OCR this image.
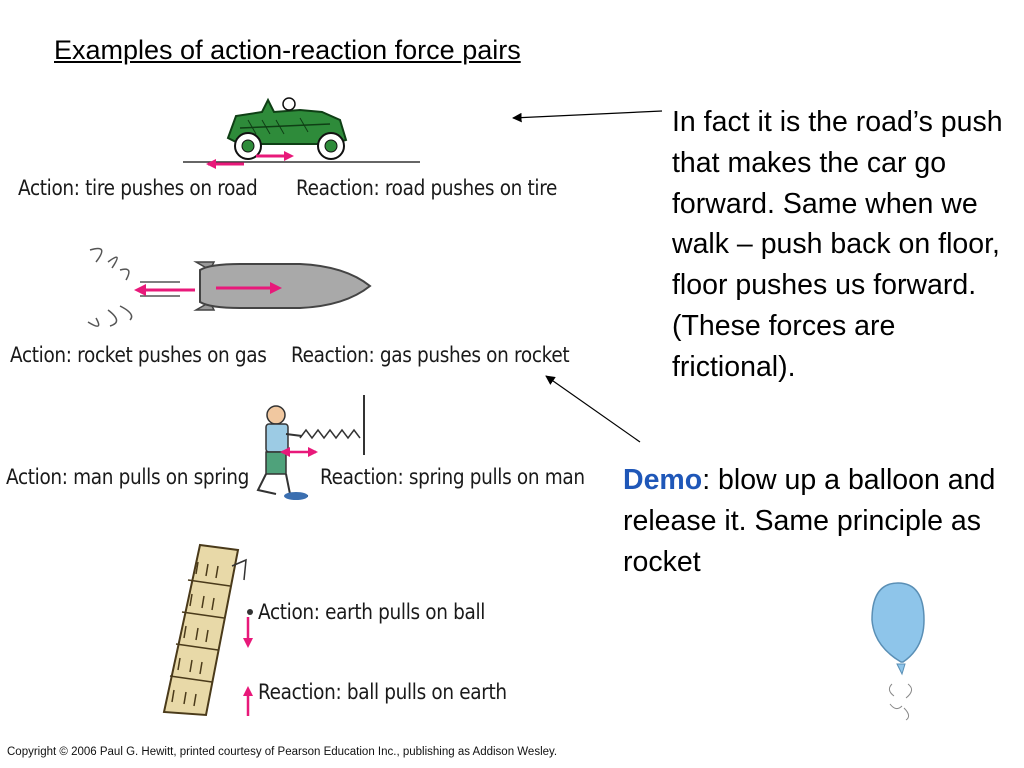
Examples of action-reaction force pairs
Action: tire pushes on road Reaction: road pushes on tire
Action: rocket pushes on gas Reaction: gas pushes on rocket
Action: man pulls on spring	Reaction: spring pulls on man
Action: earth pulls on ball
Reaction: ball pulls on earth
In fact it is the road’s push that makes the car go forward. Same when we walk – push back on floor, floor pushes us forward. (These forces are frictional).
Demo: blow up a balloon and release it. Same principle as rocket
Copyright © 2006 Paul G. Hewitt, printed courtesy of Pearson Education Inc., publishing as Addison Wesley.
